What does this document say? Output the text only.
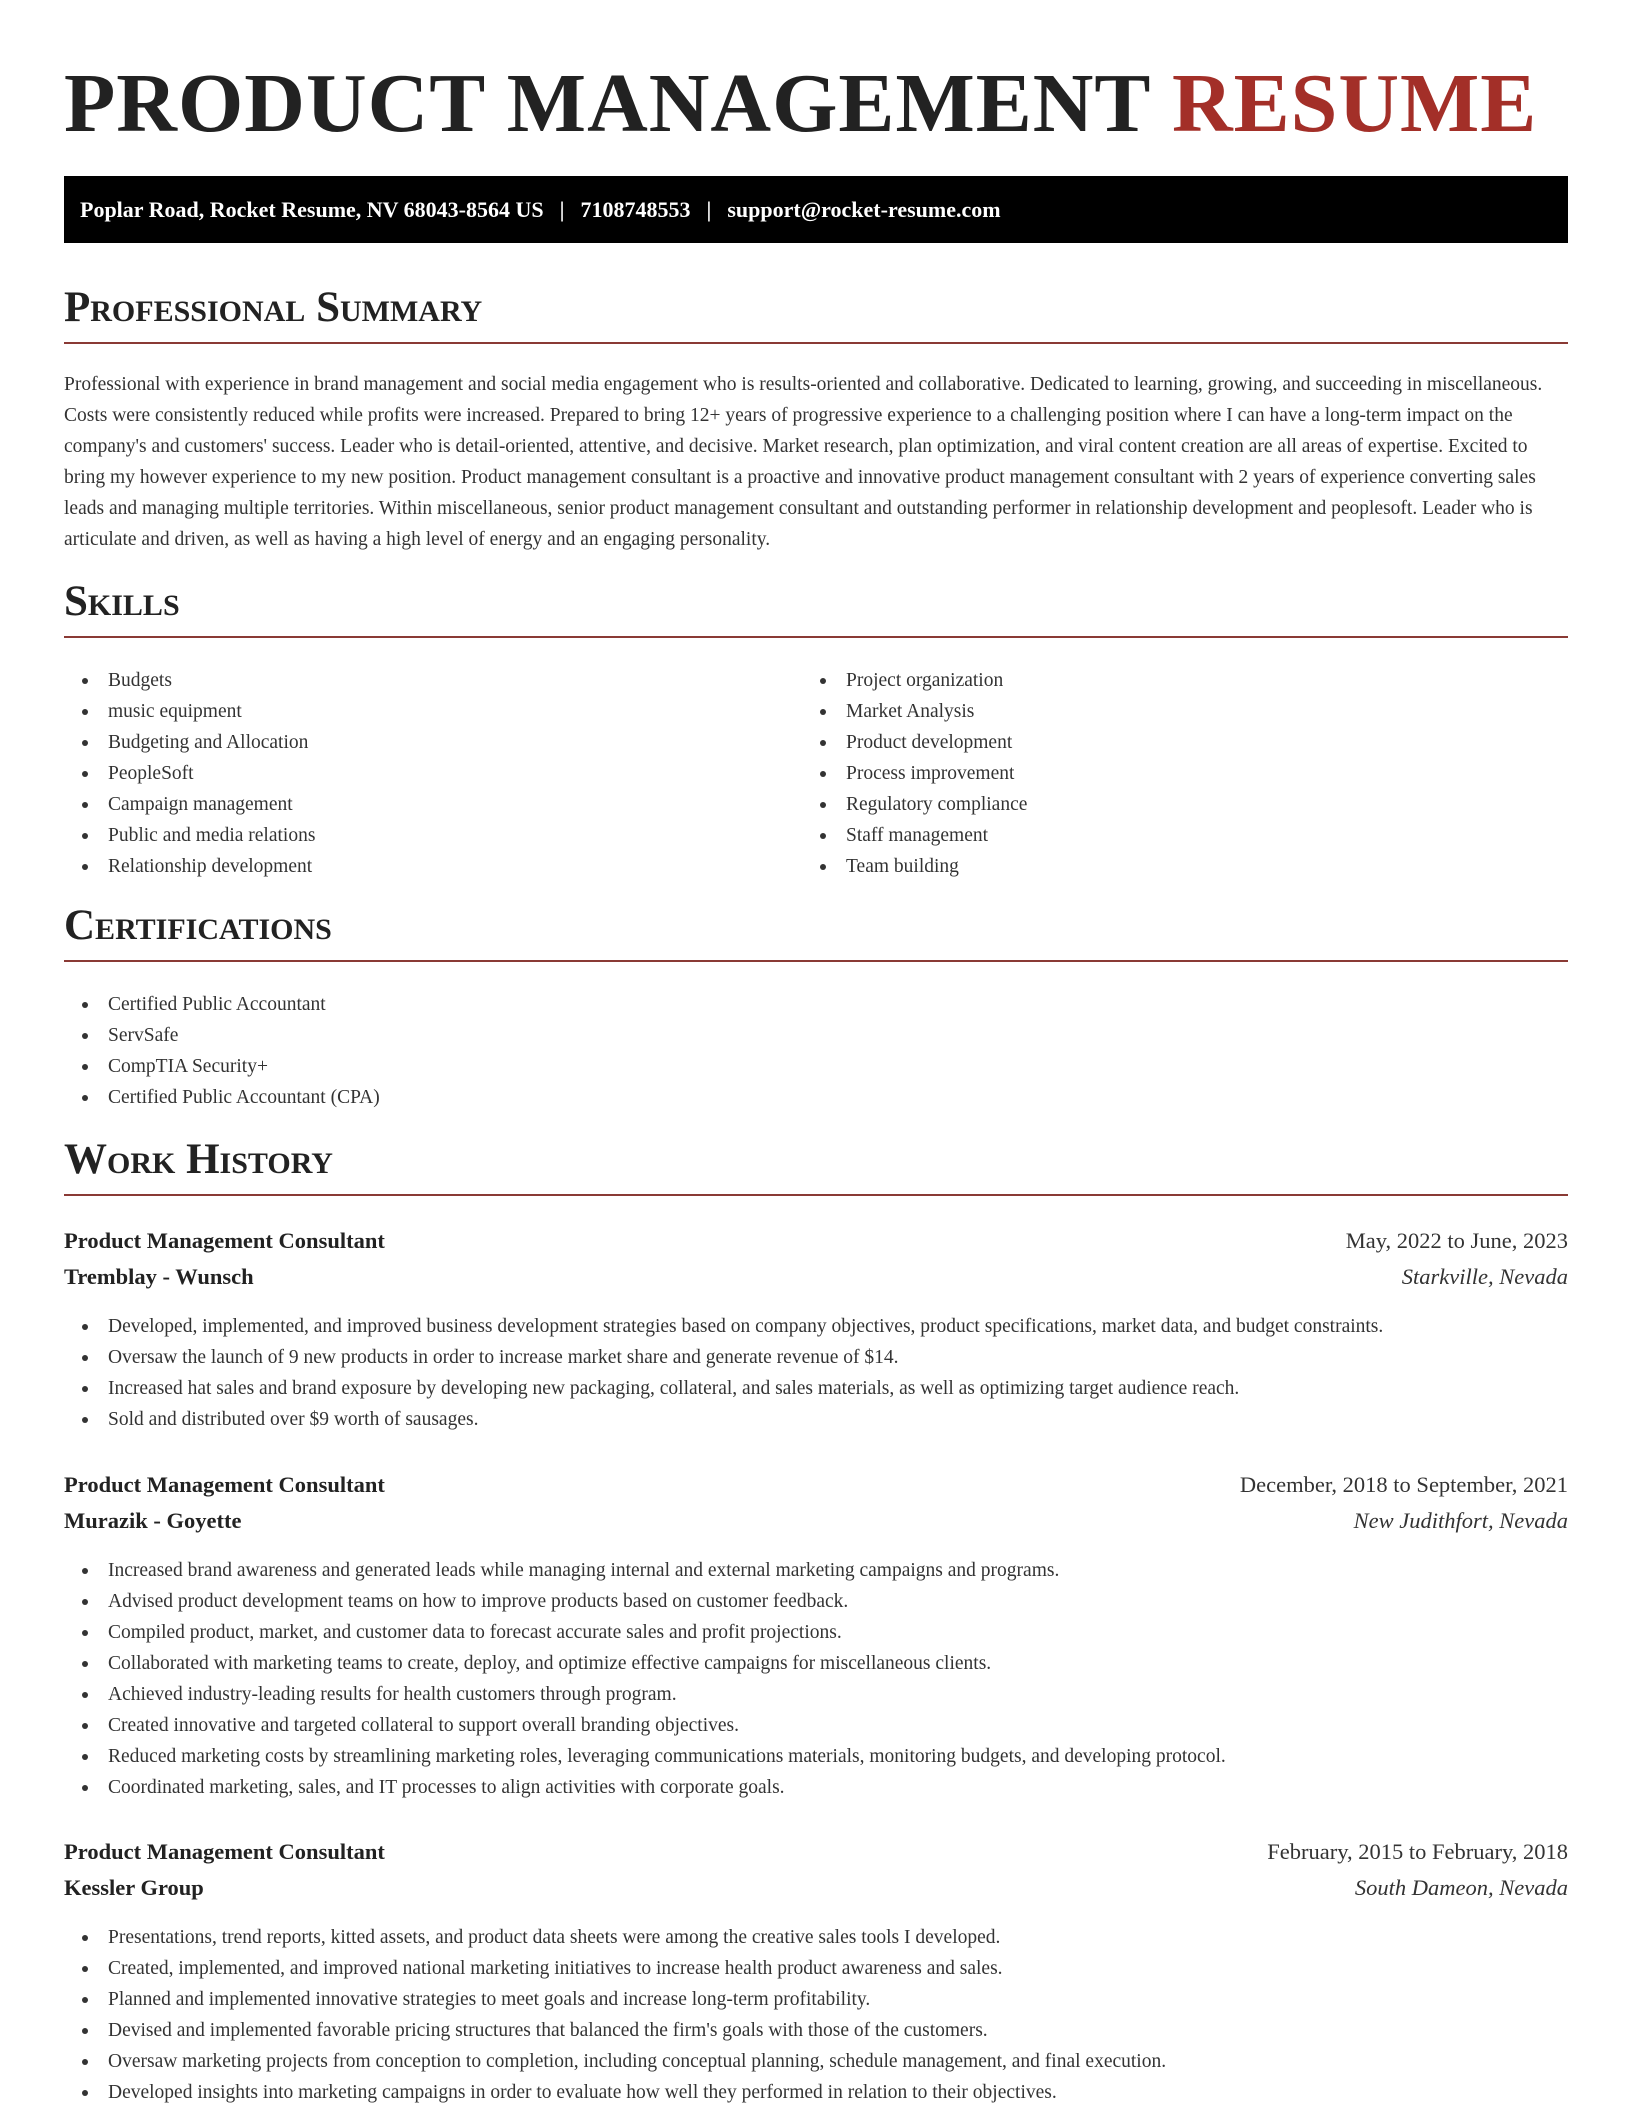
PRODUCT MANAGEMENT RESUME
Poplar Road, Rocket Resume, NV 68043-8564 US | 7108748553 | support@rocket-resume.com
Professional Summary

Professional with experience in brand management and social media engagement who is results-oriented and collaborative. Dedicated to learning, growing, and succeeding in miscellaneous. Costs were consistently reduced while profits were increased. Prepared to bring 12+ years of progressive experience to a challenging position where I can have a long-term impact on the company's and customers' success. Leader who is detail-oriented, attentive, and decisive. Market research, plan optimization, and viral content creation are all areas of expertise. Excited to bring my however experience to my new position. Product management consultant is a proactive and innovative product management consultant with 2 years of experience converting sales leads and managing multiple territories. Within miscellaneous, senior product management consultant and outstanding performer in relationship development and peoplesoft. Leader who is articulate and driven, as well as having a high level of energy and an engaging personality.

Skills
Budgets
music equipment
Budgeting and Allocation
PeopleSoft
Campaign management
Public and media relations
Relationship development
Project organization
Market Analysis
Product development
Process improvement
Regulatory compliance
Staff management
Team building
Certifications
Certified Public Accountant
ServSafe
CompTIA Security+
Certified Public Accountant (CPA)
Work History
Product Management Consultant	May, 2022 to June, 2023
Tremblay - Wunsch	Starkville, Nevada
Developed, implemented, and improved business development strategies based on company objectives, product specifications, market data, and budget constraints.
Oversaw the launch of 9 new products in order to increase market share and generate revenue of $14.
Increased hat sales and brand exposure by developing new packaging, collateral, and sales materials, as well as optimizing target audience reach.
Sold and distributed over $9 worth of sausages.
Product Management Consultant	December, 2018 to September, 2021
Murazik - Goyette	New Judithfort, Nevada
Increased brand awareness and generated leads while managing internal and external marketing campaigns and programs.
Advised product development teams on how to improve products based on customer feedback.
Compiled product, market, and customer data to forecast accurate sales and profit projections.
Collaborated with marketing teams to create, deploy, and optimize effective campaigns for miscellaneous clients.
Achieved industry-leading results for health customers through program.
Created innovative and targeted collateral to support overall branding objectives.
Reduced marketing costs by streamlining marketing roles, leveraging communications materials, monitoring budgets, and developing protocol.
Coordinated marketing, sales, and IT processes to align activities with corporate goals.
Product Management Consultant	February, 2015 to February, 2018
Kessler Group	South Dameon, Nevada
Presentations, trend reports, kitted assets, and product data sheets were among the creative sales tools I developed.
Created, implemented, and improved national marketing initiatives to increase health product awareness and sales.
Planned and implemented innovative strategies to meet goals and increase long-term profitability.
Devised and implemented favorable pricing structures that balanced the firm's goals with those of the customers.
Oversaw marketing projects from conception to completion, including conceptual planning, schedule management, and final execution.
Developed insights into marketing campaigns in order to evaluate how well they performed in relation to their objectives.
